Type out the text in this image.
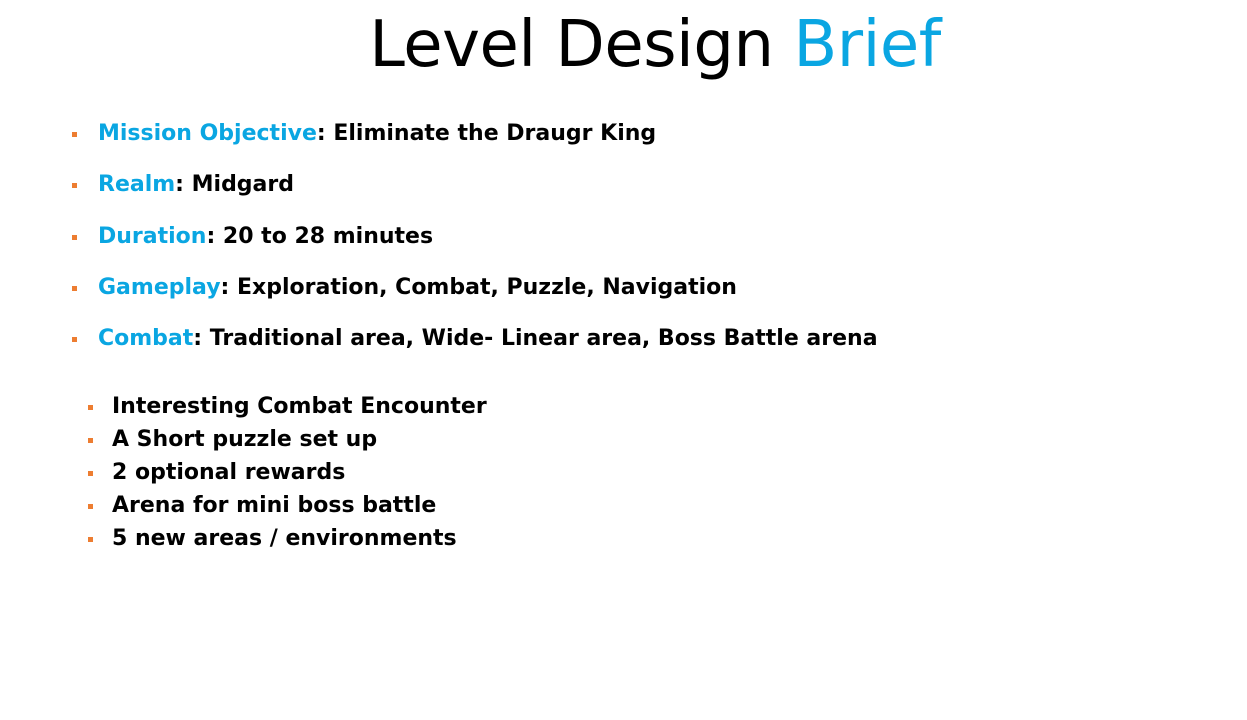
Level Design Brief
Mission Objective: Eliminate the Draugr King
Realm: Midgard
Duration: 20 to 28 minutes
Gameplay: Exploration, Combat, Puzzle, Navigation
Combat: Traditional area, Wide- Linear area, Boss Battle arena
Interesting Combat Encounter
A Short puzzle set up
2 optional rewards
Arena for mini boss battle
5 new areas / environments
